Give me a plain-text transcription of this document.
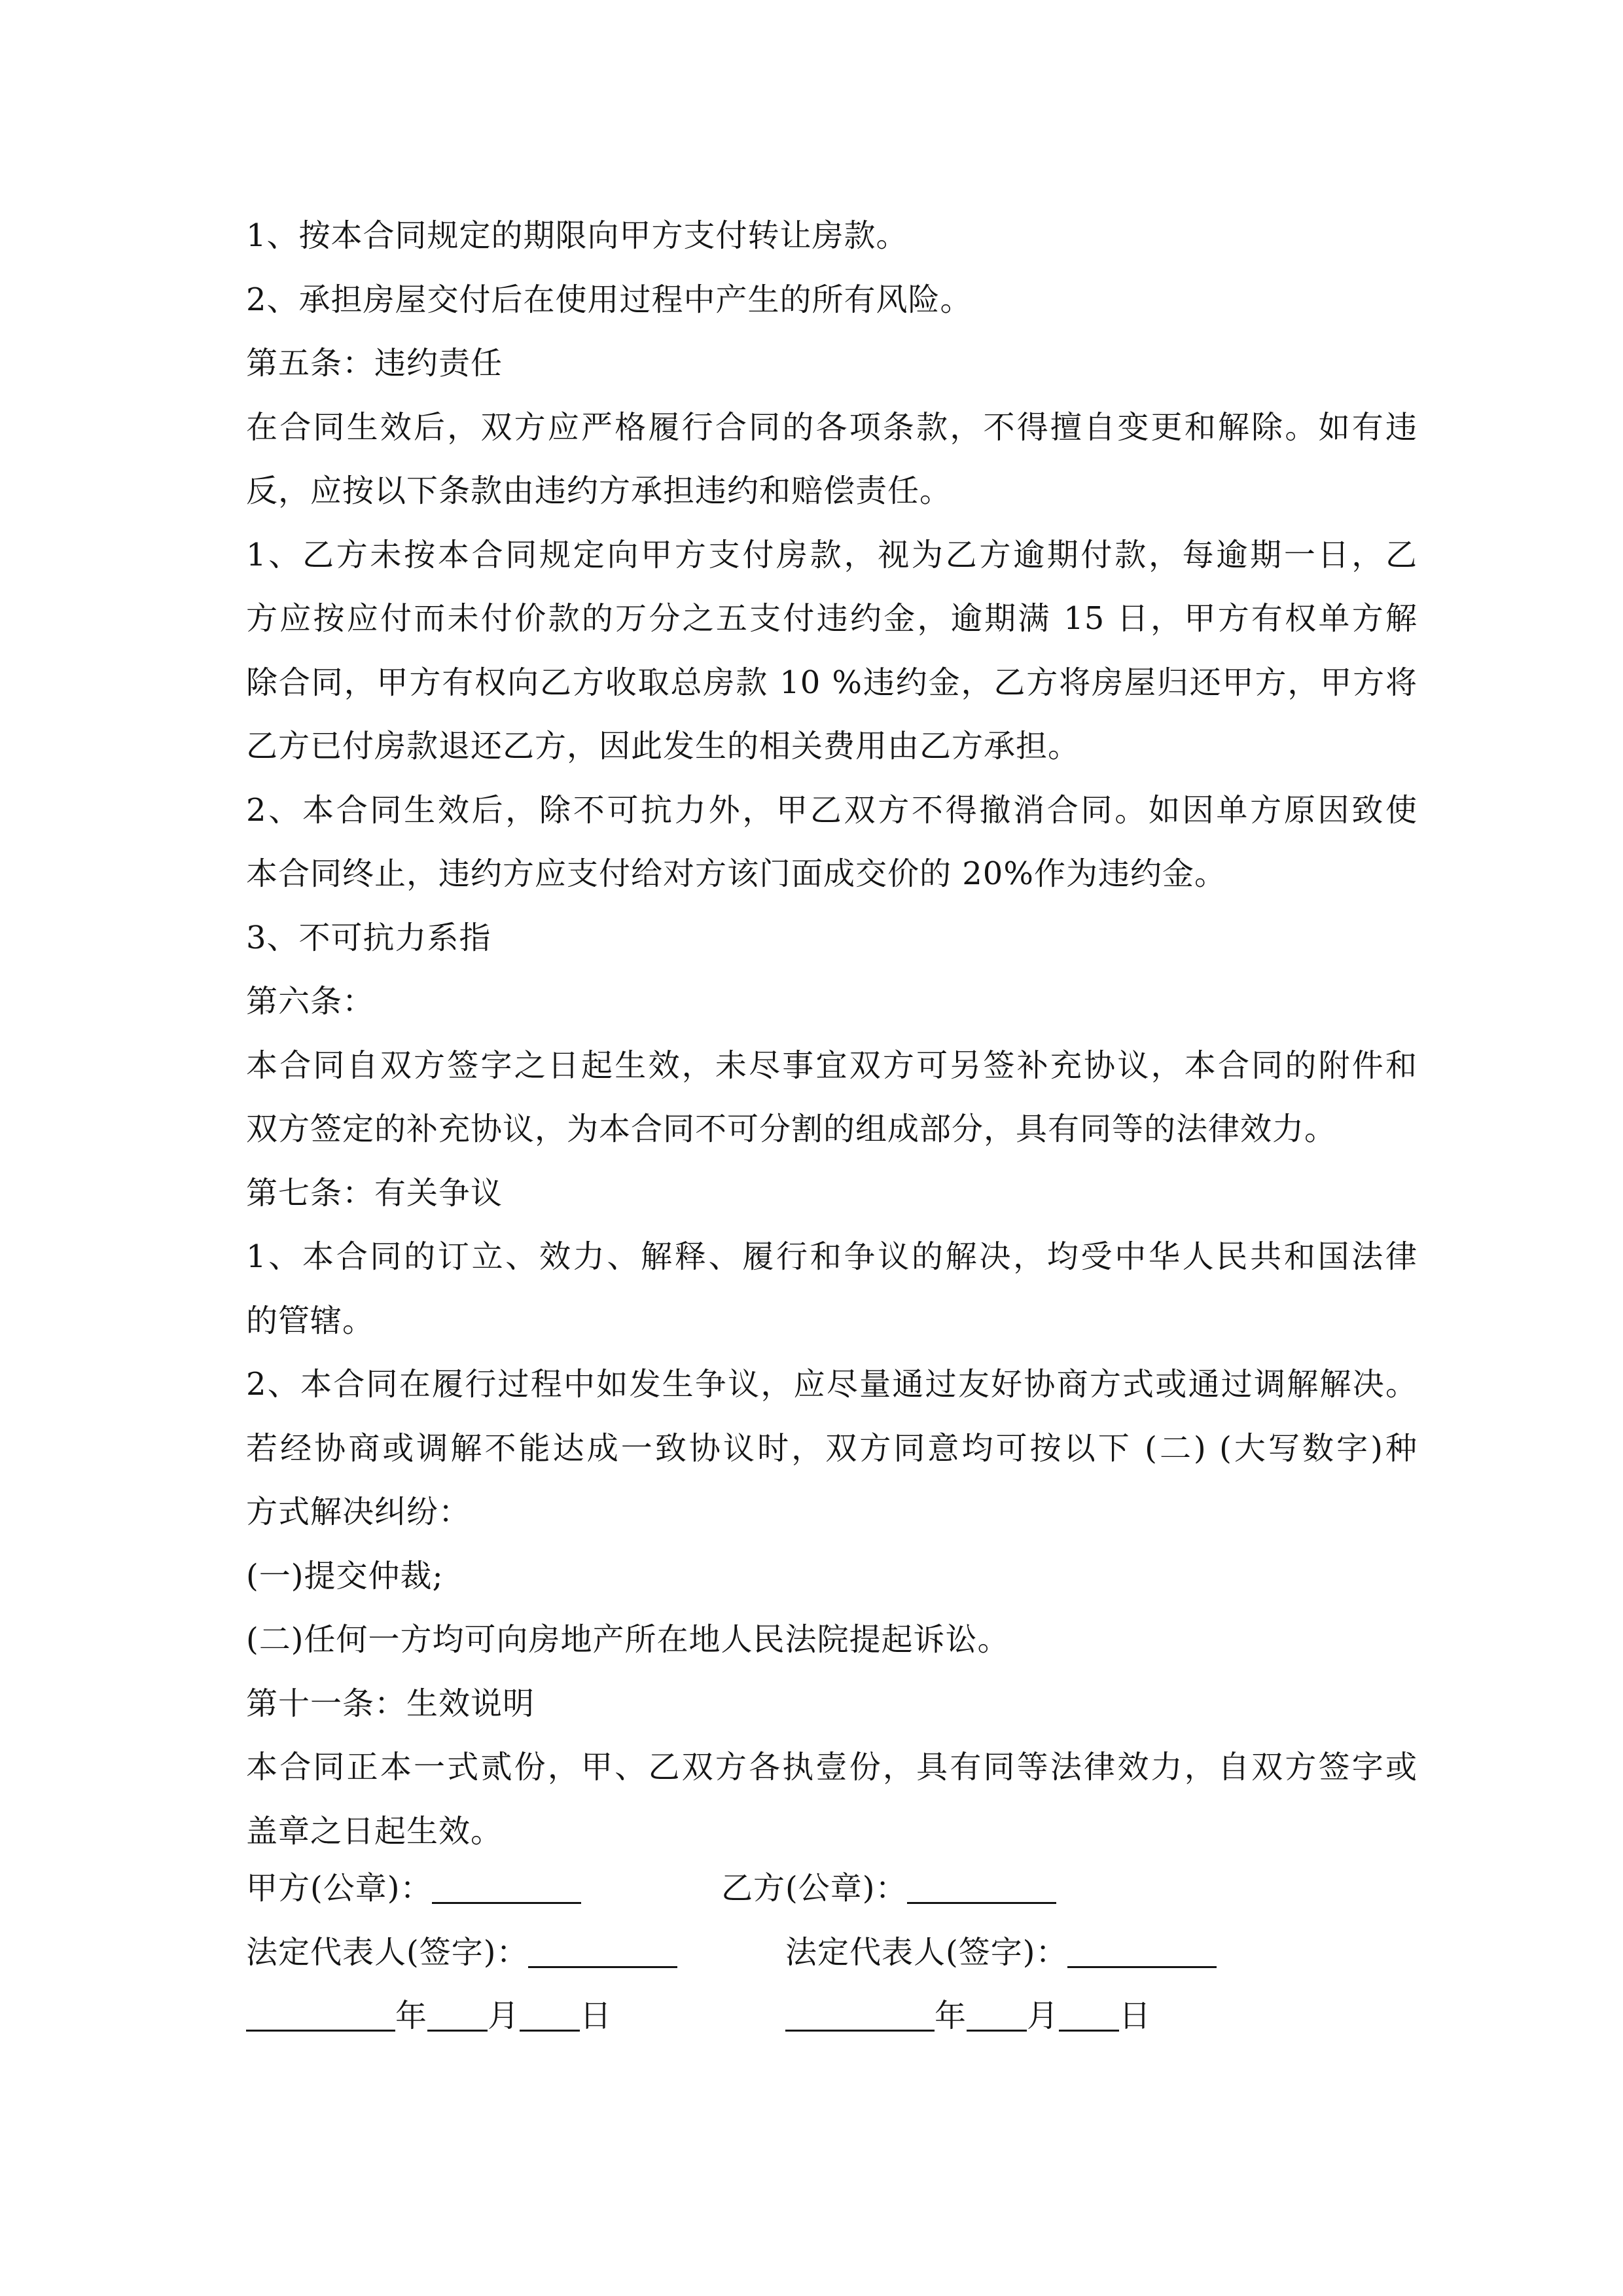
1、按本合同规定的期限向甲方支付转让房款。
2、承担房屋交付后在使用过程中产生的所有风险。
第五条：违约责任
在合同生效后，双方应严格履行合同的各项条款，不得擅自变更和解除。如有违
反，应按以下条款由违约方承担违约和赔偿责任。
1、乙方未按本合同规定向甲方支付房款，视为乙方逾期付款，每逾期一日，乙
方应按应付而未付价款的万分之五支付违约金，逾期满 15 日，甲方有权单方解
除合同，甲方有权向乙方收取总房款 10 %违约金，乙方将房屋归还甲方，甲方将
乙方已付房款退还乙方，因此发生的相关费用由乙方承担。
2、本合同生效后，除不可抗力外，甲乙双方不得撤消合同。如因单方原因致使
本合同终止，违约方应支付给对方该门面成交价的 20%作为违约金。
3、不可抗力系指
第六条：
本合同自双方签字之日起生效，未尽事宜双方可另签补充协议，本合同的附件和
双方签定的补充协议，为本合同不可分割的组成部分，具有同等的法律效力。
第七条：有关争议
1、本合同的订立、效力、解释、履行和争议的解决，均受中华人民共和国法律
的管辖。
2、本合同在履行过程中如发生争议，应尽量通过友好协商方式或通过调解解决。
若经协商或调解不能达成一致协议时，双方同意均可按以下 (二) (大写数字)种
方式解决纠纷：
(一)提交仲裁;
(二)任何一方均可向房地产所在地人民法院提起诉讼。
第十一条：生效说明
本合同正本一式贰份，甲、乙双方各执壹份，具有同等法律效力，自双方签字或
盖章之日起生效。
甲方(公章)：	乙方(公章)：
法定代表人(签字)：	法定代表人(签字)：
年 月 日	年 月 日
